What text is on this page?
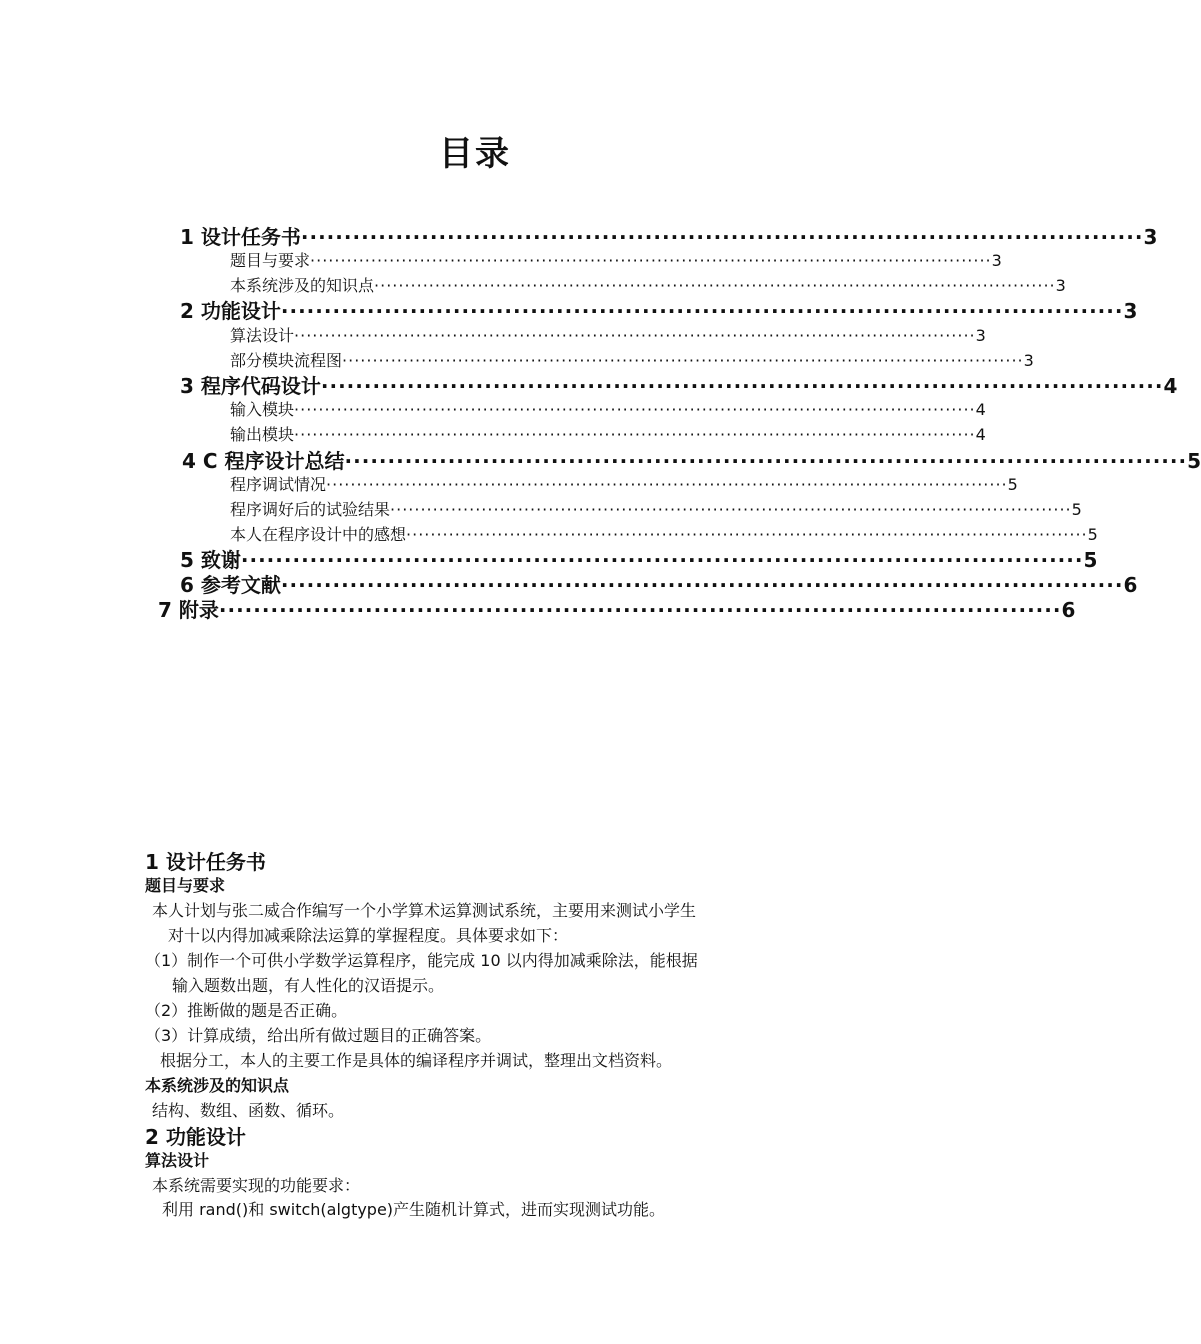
目录
1 设计任务书 ·································································································· 3
题目与要求 ················································································································ 3
本系统涉及的知识点 ················································································································ 3
2 功能设计 ·································································································· 3
算法设计 ················································································································ 3
部分模块流程图 ················································································································ 3
3 程序代码设计 ·································································································· 4
输入模块 ················································································································ 4
输出模块 ················································································································ 4
4 C 程序设计总结 ·································································································· 5
程序调试情况 ················································································································ 5
程序调好后的试验结果 ················································································································ 5
本人在程序设计中的感想 ················································································································ 5
5 致谢 ·································································································· 5
6 参考文献 ·································································································· 6
7 附录 ·································································································· 6
1 设计任务书
题目与要求
本人计划与张二威合作编写一个小学算术运算测试系统，主要用来测试小学生
对十以内得加减乘除法运算的掌握程度。具体要求如下：
（1）制作一个可供小学数学运算程序，能完成 10 以内得加减乘除法，能根据
输入题数出题，有人性化的汉语提示。
（2）推断做的题是否正确。
（3）计算成绩，给出所有做过题目的正确答案。
根据分工，本人的主要工作是具体的编译程序并调试，整理出文档资料。
本系统涉及的知识点
结构、数组、函数、循环。
2 功能设计
算法设计
本系统需要实现的功能要求：
利用 rand()和 switch(algtype)产生随机计算式，进而实现测试功能。
